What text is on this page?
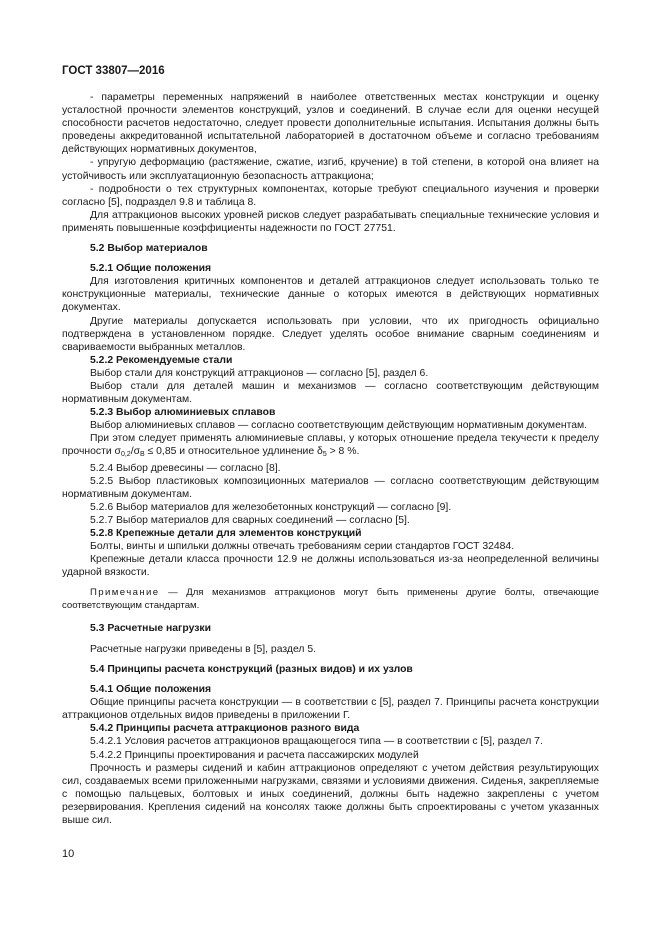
ГОСТ 33807—2016

- параметры переменных напряжений в наиболее ответственных местах конструкции и оценку усталостной прочности элементов конструкций, узлов и соединений. В случае если для оценки несущей способности расчетов недостаточно, следует провести дополнительные испытания. Испытания должны быть проведены аккредитованной испытательной лабораторией в достаточном объеме и согласно требованиям действующих нормативных документов,

- упругую деформацию (растяжение, сжатие, изгиб, кручение) в той степени, в которой она влияет на устойчивость или эксплуатационную безопасность аттракциона;

- подробности о тех структурных компонентах, которые требуют специального изучения и проверки согласно [5], подраздел 9.8 и таблица 8.

Для аттракционов высоких уровней рисков следует разрабатывать специальные технические условия и применять повышенные коэффициенты надежности по ГОСТ 27751.

5.2 Выбор материалов

5.2.1 Общие положения

Для изготовления критичных компонентов и деталей аттракционов следует использовать только те конструкционные материалы, технические данные о которых имеются в действующих нормативных документах.

Другие материалы допускается использовать при условии, что их пригодность официально подтверждена в установленном порядке. Следует уделять особое внимание сварным соединениям и свариваемости выбранных металлов.

5.2.2 Рекомендуемые стали

Выбор стали для конструкций аттракционов — согласно [5], раздел 6.

Выбор стали для деталей машин и механизмов — согласно соответствующим действующим нормативным документам.

5.2.3 Выбор алюминиевых сплавов

Выбор алюминиевых сплавов — согласно соответствующим действующим нормативным документам.

При этом следует применять алюминиевые сплавы, у которых отношение предела текучести к пределу прочности $\sigma_{0,2}/\sigma_B \le 0,85$ и относительное удлинение $\delta_5 > 8$ %.

5.2.4 Выбор древесины — согласно [8].

5.2.5 Выбор пластиковых композиционных материалов — согласно соответствующим действующим нормативным документам.

5.2.6 Выбор материалов для железобетонных конструкций — согласно [9].

5.2.7 Выбор материалов для сварных соединений — согласно [5].

5.2.8 Крепежные детали для элементов конструкций

Болты, винты и шпильки должны отвечать требованиям серии стандартов ГОСТ 32484.

Крепежные детали класса прочности 12.9 не должны использоваться из-за неопределенной величины ударной вязкости.

Примечание — Для механизмов аттракционов могут быть применены другие болты, отвечающие соответствующим стандартам.

5.3 Расчетные нагрузки

Расчетные нагрузки приведены в [5], раздел 5.

5.4 Принципы расчета конструкций (разных видов) и их узлов

5.4.1 Общие положения

Общие принципы расчета конструкции — в соответствии с [5], раздел 7. Принципы расчета конструкции аттракционов отдельных видов приведены в приложении Г.

5.4.2 Принципы расчета аттракционов разного вида

5.4.2.1 Условия расчетов аттракционов вращающегося типа — в соответствии с [5], раздел 7.

5.4.2.2 Принципы проектирования и расчета пассажирских модулей

Прочность и размеры сидений и кабин аттракционов определяют с учетом действия результирующих сил, создаваемых всеми приложенными нагрузками, связями и условиями движения. Сиденья, закрепляемые с помощью пальцевых, болтовых и иных соединений, должны быть надежно закреплены с учетом резервирования. Крепления сидений на консолях также должны быть спроектированы с учетом указанных выше сил.

10
